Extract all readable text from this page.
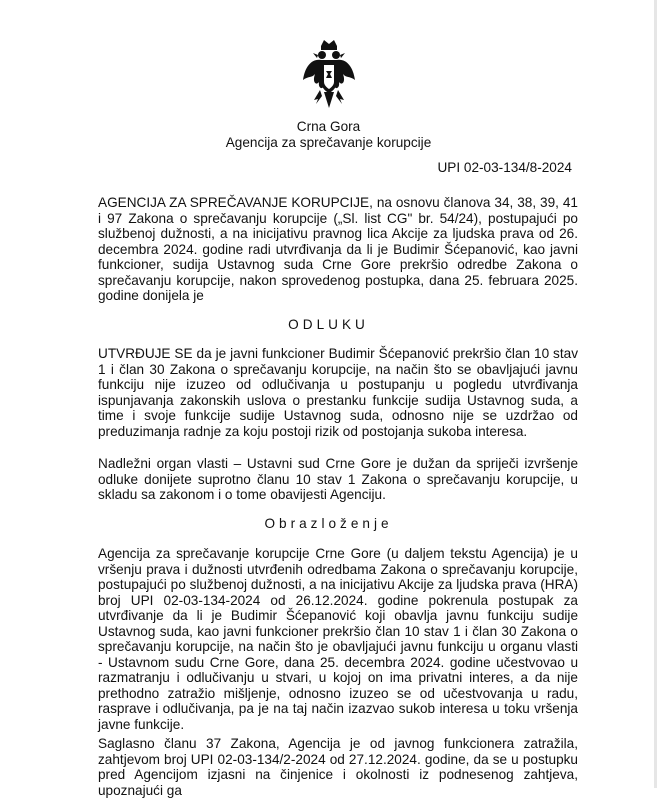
Crna Gora
Agencija za sprečavanje korupcije
UPI 02-03-134/8-2024

AGENCIJA ZA SPREČAVANJE KORUPCIJE, na osnovu članova 34, 38, 39, 41 i 97 Zakona o sprečavanju korupcije („Sl. list CG" br. 54/24), postupajući po službenoj dužnosti, a na inicijativu pravnog lica Akcije za ljudska prava od 26. decembra 2024. godine radi utvrđivanja da li je Budimir Šćepanović, kao javni funkcioner, sudija Ustavnog suda Crne Gore prekršio odredbe Zakona o sprečavanju korupcije, nakon sprovedenog postupka, dana 25. februara 2025. godine donijela je

ODLUKU

UTVRĐUJE SE da je javni funkcioner Budimir Šćepanović prekršio član 10 stav 1 i član 30 Zakona o sprečavanju korupcije, na način što se obavljajući javnu funkciju nije izuzeo od odlučivanja u postupanju u pogledu utvrđivanja ispunjavanja zakonskih uslova o prestanku funkcije sudija Ustavnog suda, a time i svoje funkcije sudije Ustavnog suda, odnosno nije se uzdržao od preduzimanja radnje za koju postoji rizik od postojanja sukoba interesa.

Nadležni organ vlasti – Ustavni sud Crne Gore je dužan da spriječi izvršenje odluke donijete suprotno članu 10 stav 1 Zakona o sprečavanju korupcije, u skladu sa zakonom i o tome obavijesti Agenciju.

Obrazloženje

Agencija za sprečavanje korupcije Crne Gore (u daljem tekstu Agencija) je u vršenju prava i dužnosti utvrđenih odredbama Zakona o sprečavanju korupcije, postupajući po službenoj dužnosti, a na inicijativu Akcije za ljudska prava (HRA) broj UPI 02-03-134-2024 od 26.12.2024. godine pokrenula postupak za utvrđivanje da li je Budimir Šćepanović koji obavlja javnu funkciju sudije Ustavnog suda, kao javni funkcioner prekršio član 10 stav 1 i član 30 Zakona o sprečavanju korupcije, na način što je obavljajući javnu funkciju u organu vlasti - Ustavnom sudu Crne Gore, dana 25. decembra 2024. godine učestvovao u razmatranju i odlučivanju u stvari, u kojoj on ima privatni interes, a da nije prethodno zatražio mišljenje, odnosno izuzeo se od učestvovanja u radu, rasprave i odlučivanja, pa je na taj način izazvao sukob interesa u toku vršenja javne funkcije.

Saglasno članu 37 Zakona, Agencija je od javnog funkcionera zatražila, zahtjevom broj UPI 02-03-134/2-2024 od 27.12.2024. godine, da se u postupku pred Agencijom izjasni na činjenice i okolnosti iz podnesenog zahtjeva, upoznajući ga
